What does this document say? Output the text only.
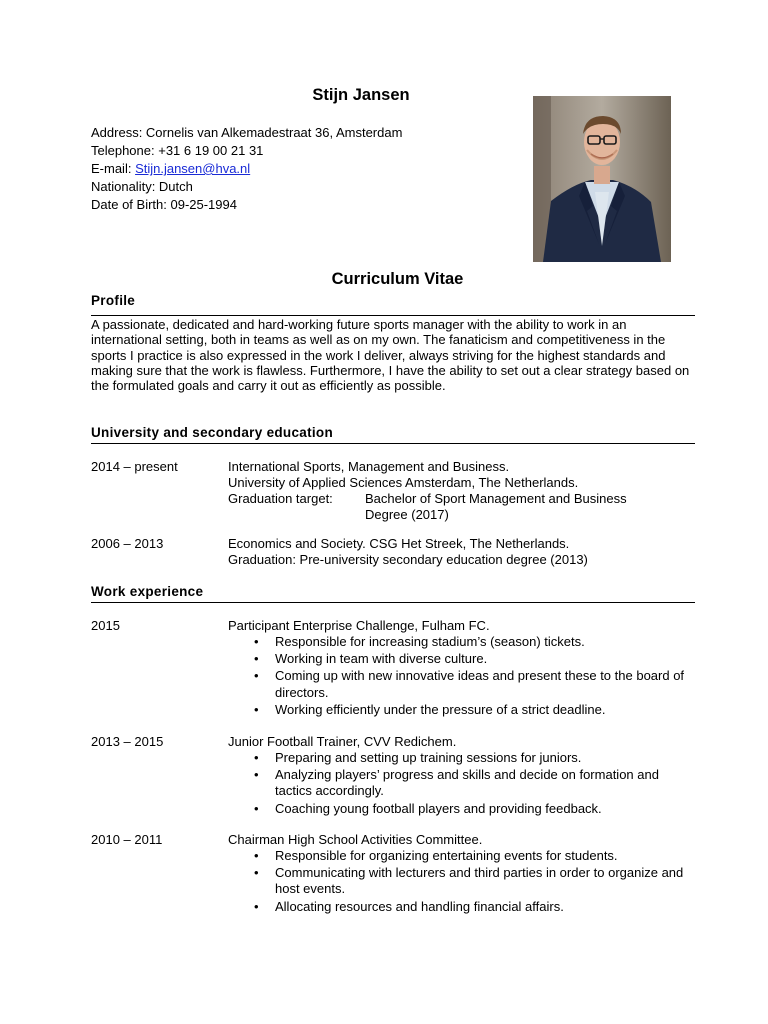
Stijn Jansen
Address: Cornelis van Alkemadestraat 36, Amsterdam
Telephone: +31 6 19 00 21 31
E-mail: Stijn.jansen@hva.nl
Nationality: Dutch
Date of Birth: 09-25-1994
Curriculum Vitae
Profile
A passionate, dedicated and hard-working future sports manager with the ability to work in an international setting, both in teams as well as on my own. The fanaticism and competitiveness in the sports I practice is also expressed in the work I deliver, always striving for the highest standards and making sure that the work is flawless. Furthermore, I have the ability to set out a clear strategy based on the formulated goals and carry it out as efficiently as possible.
University and secondary education
2014 – present	International Sports, Management and Business.
University of Applied Sciences Amsterdam, The Netherlands.
Graduation target:	Bachelor of Sport Management and Business Degree (2017)
2006 – 2013	Economics and Society. CSG Het Streek, The Netherlands.
Graduation: Pre-university secondary education degree (2013)
Work experience
2015	Participant Enterprise Challenge, Fulham FC.
• Responsible for increasing stadium’s (season) tickets.
• Working in team with diverse culture.
• Coming up with new innovative ideas and present these to the board of directors.
• Working efficiently under the pressure of a strict deadline.
2013 – 2015	Junior Football Trainer, CVV Redichem.
• Preparing and setting up training sessions for juniors.
• Analyzing players’ progress and skills and decide on formation and tactics accordingly.
• Coaching young football players and providing feedback.
2010 – 2011	Chairman High School Activities Committee.
• Responsible for organizing entertaining events for students.
• Communicating with lecturers and third parties in order to organize and host events.
• Allocating resources and handling financial affairs.
